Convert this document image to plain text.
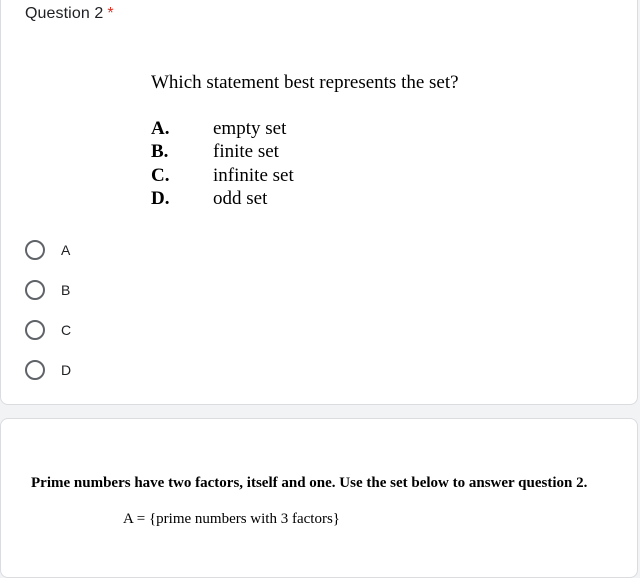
Question 2 *

Which statement best represents the set?

A.	empty set
B.	finite set
C.	infinite set
D.	odd set
A
B
C
D
Prime numbers have two factors, itself and one. Use the set below to answer question 2.
A = {prime numbers with 3 factors}
